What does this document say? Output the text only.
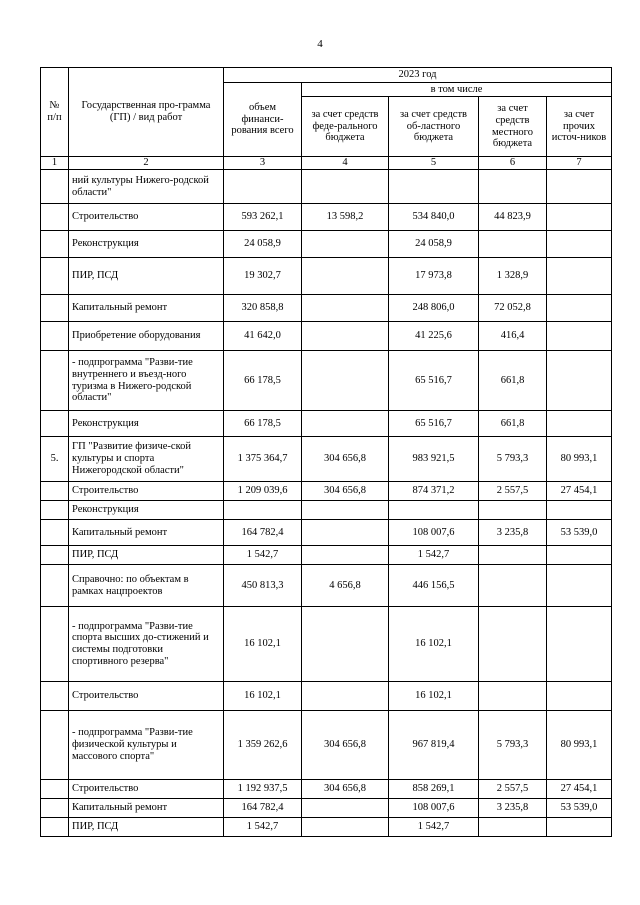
4
№ п/п	Государственная про-грамма (ГП) / вид работ	2023 год				
		объем финанси-рования всего	в том числе			
			за счет средств феде-рального бюджета	за счет средств об-ластного бюджета	за счет средств местного бюджета	за счет прочих источ-ников
1	2	3	4	5	6	7
	ний культуры Нижего-родской области"					
	Строительство	593 262,1	13 598,2	534 840,0	44 823,9	
	Реконструкция	24 058,9		24 058,9		
	ПИР, ПСД	19 302,7		17 973,8	1 328,9	
	Капитальный ремонт	320 858,8		248 806,0	72 052,8	
	Приобретение оборудования	41 642,0		41 225,6	416,4	
	- подпрограмма "Разви-тие внутреннего и въезд-ного туризма в Нижего-родской области"	66 178,5		65 516,7	661,8	
	Реконструкция	66 178,5		65 516,7	661,8	
5.	ГП "Развитие физиче-ской культуры и спорта Нижегородской области"	1 375 364,7	304 656,8	983 921,5	5 793,3	80 993,1
	Строительство	1 209 039,6	304 656,8	874 371,2	2 557,5	27 454,1
	Реконструкция					
	Капитальный ремонт	164 782,4		108 007,6	3 235,8	53 539,0
	ПИР, ПСД	1 542,7		1 542,7		
	Справочно: по объектам в рамках нацпроектов	450 813,3	4 656,8	446 156,5		
	- подпрограмма "Разви-тие спорта высших до-стижений и системы подготовки спортивного резерва"	16 102,1		16 102,1		
	Строительство	16 102,1		16 102,1		
	- подпрограмма "Разви-тие физической культуры и массового спорта"	1 359 262,6	304 656,8	967 819,4	5 793,3	80 993,1
	Строительство	1 192 937,5	304 656,8	858 269,1	2 557,5	27 454,1
	Капитальный ремонт	164 782,4		108 007,6	3 235,8	53 539,0
	ПИР, ПСД	1 542,7		1 542,7		
